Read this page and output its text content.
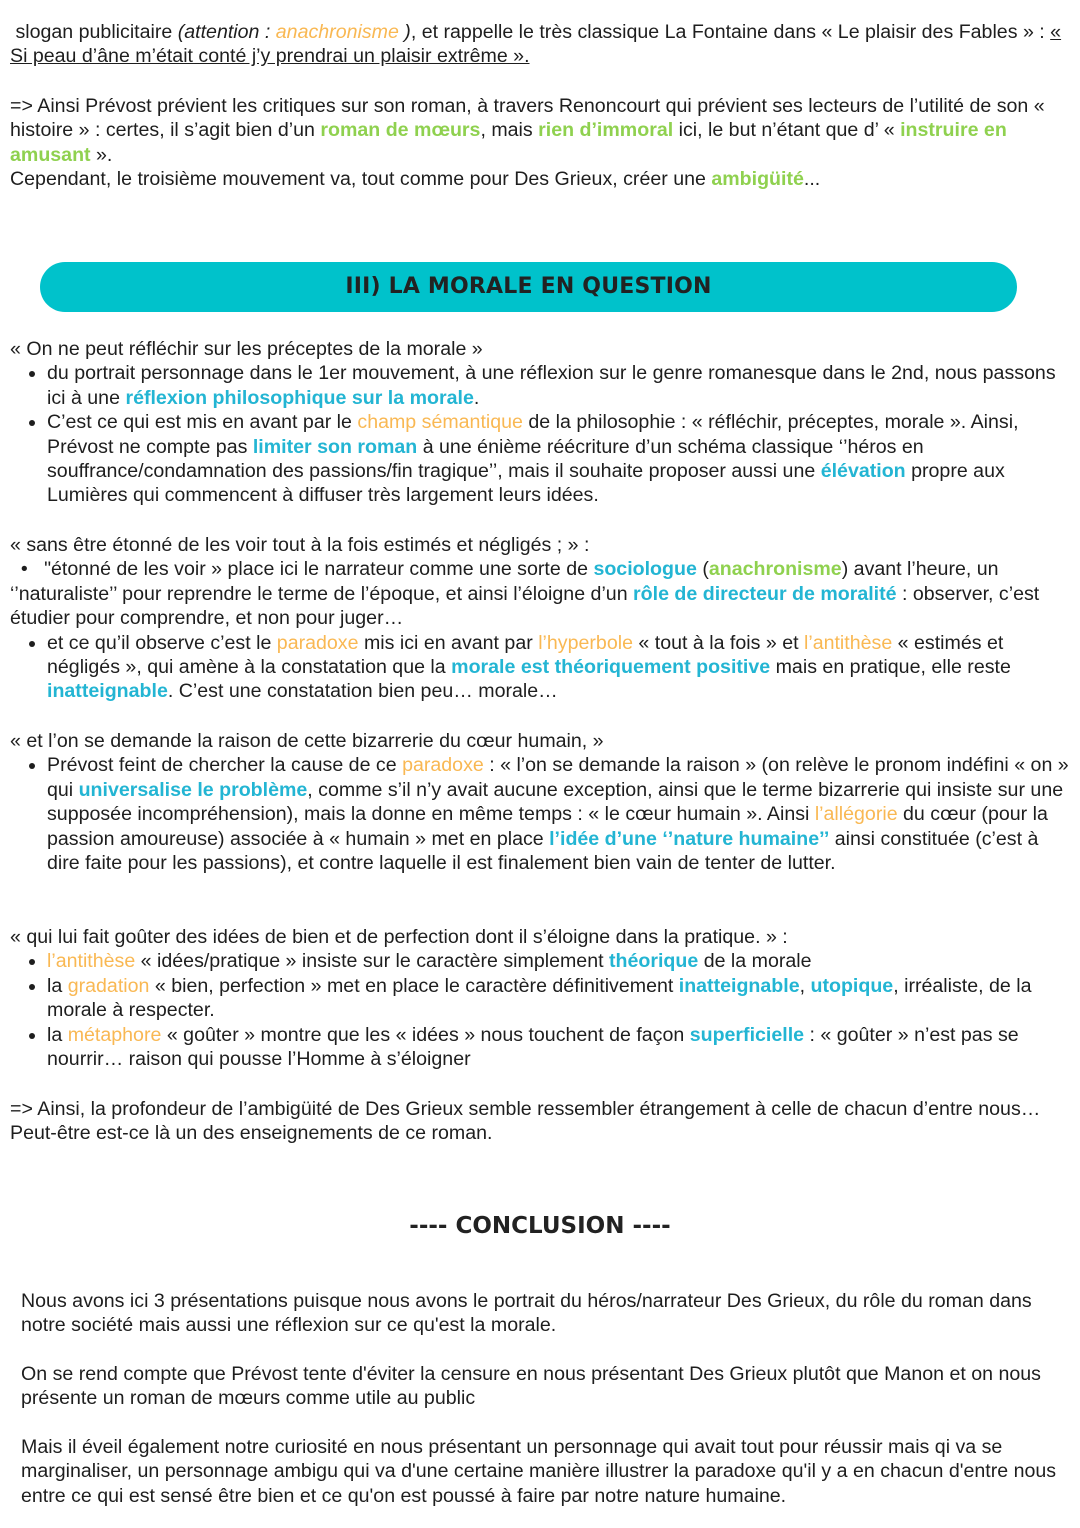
slogan publicitaire (attention : anachronisme ), et rappelle le très classique La Fontaine dans « Le plaisir des Fables » : « Si peau d’âne m’était conté j’y prendrai un plaisir extrême ».

=> Ainsi Prévost prévient les critiques sur son roman, à travers Renoncourt qui prévient ses lecteurs de l’utilité de son « histoire » : certes, il s’agit bien d’un roman de mœurs, mais rien d’immoral ici, le but n’étant que d’ « instruire en amusant ».
Cependant, le troisième mouvement va, tout comme pour Des Grieux, créer une ambigüité...

III) LA MORALE EN QUESTION
« On ne peut réfléchir sur les préceptes de la morale »
• du portrait personnage dans le 1er mouvement, à une réflexion sur le genre romanesque dans le 2nd, nous passons ici à une réflexion philosophique sur la morale.
• C’est ce qui est mis en avant par le champ sémantique de la philosophie : « réfléchir, préceptes, morale ». Ainsi, Prévost ne compte pas limiter son roman à une énième réécriture d’un schéma classique ‘’héros en souffrance/condamnation des passions/fin tragique’’, mais il souhaite proposer aussi une élévation propre aux Lumières qui commencent à diffuser très largement leurs idées.
« sans être étonné de les voir tout à la fois estimés et négligés ; » :
•   "étonné de les voir » place ici le narrateur comme une sorte de sociologue (anachronisme) avant l’heure, un ‘’naturaliste’’ pour reprendre le terme de l’époque, et ainsi l’éloigne d’un rôle de directeur de moralité : observer, c’est étudier pour comprendre, et non pour juger…
• et ce qu’il observe c’est le paradoxe mis ici en avant par l’hyperbole « tout à la fois » et l’antithèse « estimés et négligés », qui amène à la constatation que la morale est théoriquement positive mais en pratique, elle reste inatteignable. C’est une constatation bien peu… morale…
« et l’on se demande la raison de cette bizarrerie du cœur humain, »
• Prévost feint de chercher la cause de ce paradoxe : « l’on se demande la raison » (on relève le pronom indéfini « on » qui universalise le problème, comme s’il n’y avait aucune exception, ainsi que le terme bizarrerie qui insiste sur une supposée incompréhension), mais la donne en même temps : « le cœur humain ». Ainsi l’allégorie du cœur (pour la passion amoureuse) associée à « humain » met en place l’idée d’une ‘’nature humaine’’ ainsi constituée (c’est à dire faite pour les passions), et contre laquelle il est finalement bien vain de tenter de lutter.
« qui lui fait goûter des idées de bien et de perfection dont il s’éloigne dans la pratique. » :
• l’antithèse « idées/pratique » insiste sur le caractère simplement théorique de la morale
• la gradation « bien, perfection » met en place le caractère définitivement inatteignable, utopique, irréaliste, de la morale à respecter.
• la métaphore « goûter » montre que les « idées » nous touchent de façon superficielle : « goûter » n’est pas se nourrir… raison qui pousse l’Homme à s’éloigner

=> Ainsi, la profondeur de l’ambigüité de Des Grieux semble ressembler étrangement à celle de chacun d’entre nous… Peut-être est-ce là un des enseignements de ce roman.

---- CONCLUSION ----

Nous avons ici 3 présentations puisque nous avons le portrait du héros/narrateur Des Grieux, du rôle du roman dans notre société mais aussi une réflexion sur ce qu'est la morale.

On se rend compte que Prévost tente d'éviter la censure en nous présentant Des Grieux plutôt que Manon et on nous présente un roman de mœurs comme utile au public

Mais il éveil également notre curiosité en nous présentant un personnage qui avait tout pour réussir mais qi va se marginaliser, un personnage ambigu qui va d'une certaine manière illustrer la paradoxe qu'il y a en chacun d'entre nous entre ce qui est sensé être bien et ce qu'on est poussé à faire par notre nature humaine.
